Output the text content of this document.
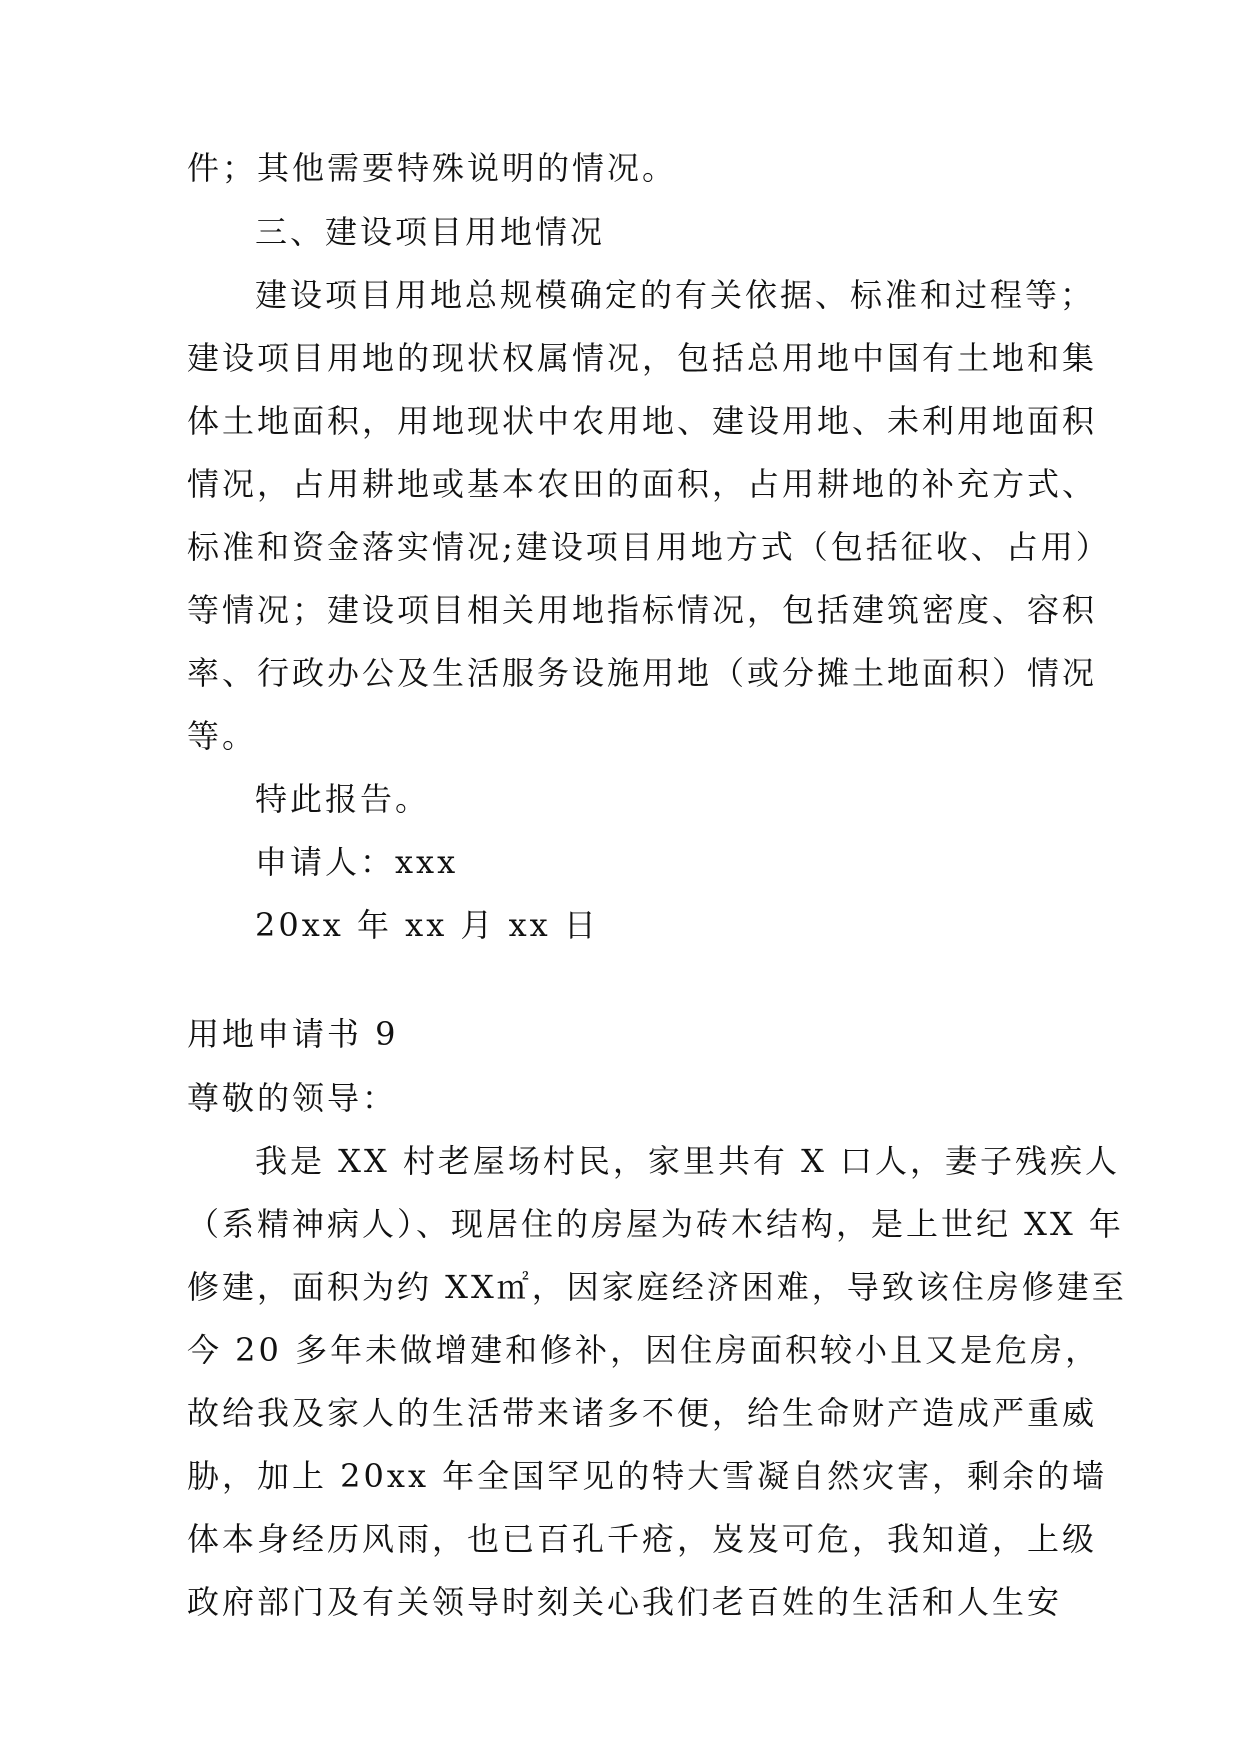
件；其他需要特殊说明的情况。
三、建设项目用地情况
建设项目用地总规模确定的有关依据、标准和过程等；
建设项目用地的现状权属情况，包括总用地中国有土地和集
体土地面积，用地现状中农用地、建设用地、未利用地面积
情况，占用耕地或基本农田的面积，占用耕地的补充方式、
标准和资金落实情况;建设项目用地方式（包括征收、占用）
等情况；建设项目相关用地指标情况，包括建筑密度、容积
率、行政办公及生活服务设施用地（或分摊土地面积）情况
等。
特此报告。
申请人：xxx
20xx 年 xx 月 xx 日
用地申请书 9
尊敬的领导：
我是 XX 村老屋场村民，家里共有 X 口人，妻子残疾人
（系精神病人）、现居住的房屋为砖木结构，是上世纪 XX 年
修建，面积为约 XX㎡，因家庭经济困难，导致该住房修建至
今 20 多年未做增建和修补，因住房面积较小且又是危房，
故给我及家人的生活带来诸多不便，给生命财产造成严重威
胁，加上 20xx 年全国罕见的特大雪凝自然灾害，剩余的墙
体本身经历风雨，也已百孔千疮，岌岌可危，我知道，上级
政府部门及有关领导时刻关心我们老百姓的生活和人生安
